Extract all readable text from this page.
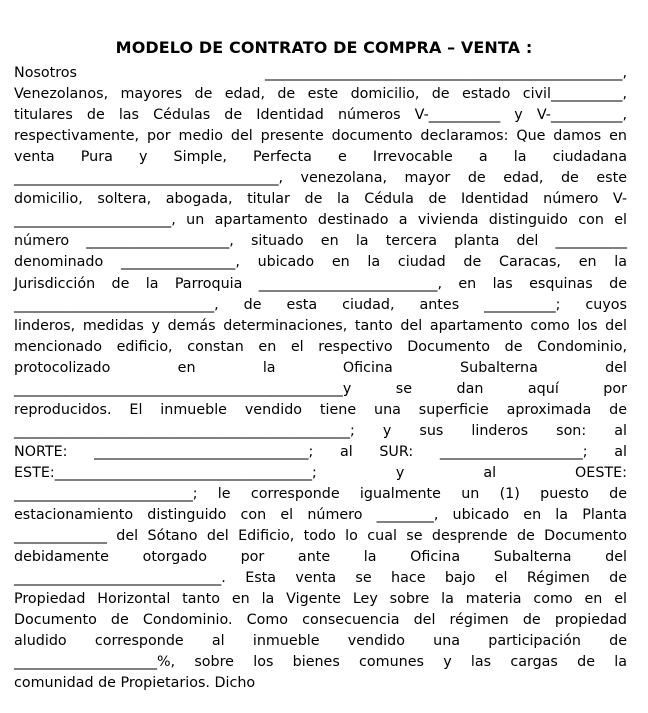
MODELO DE CONTRATO DE COMPRA – VENTA :
Nosotros __________________________________________________,
Venezolanos, mayores de edad, de este domicilio, de estado civil__________,
titulares de las Cédulas de Identidad números V-__________ y V-__________,
respectivamente, por medio del presente documento declaramos: Que damos en
venta Pura y Simple, Perfecta e Irrevocable a la ciudadana
_____________________________________, venezolana, mayor de edad, de este
domicilio, soltera, abogada, titular de la Cédula de Identidad número V-
______________________, un apartamento destinado a vivienda distinguido con el
número ____________________, situado en la tercera planta del __________
denominado ________________, ubicado en la ciudad de Caracas, en la
Jurisdicción de la Parroquia _________________________, en las esquinas de
____________________________, de esta ciudad, antes __________; cuyos
linderos, medidas y demás determinaciones, tanto del apartamento como los del
mencionado edificio, constan en el respectivo Documento de Condominio,
protocolizado en la Oficina Subalterna del
______________________________________________y se dan aquí por
reproducidos. El inmueble vendido tiene una superficie aproximada de
_______________________________________________; y sus linderos son: al
NORTE: ______________________________; al SUR: ____________________; al
ESTE:____________________________________; y al OESTE:
_________________________; le corresponde igualmente un (1) puesto de
estacionamiento distinguido con el número ________, ubicado en la Planta
_____________ del Sótano del Edificio, todo lo cual se desprende de Documento
debidamente otorgado por ante la Oficina Subalterna del
_____________________________. Esta venta se hace bajo el Régimen de
Propiedad Horizontal tanto en la Vigente Ley sobre la materia como en el
Documento de Condominio. Como consecuencia del régimen de propiedad
aludido corresponde al inmueble vendido una participación de
____________________%, sobre los bienes comunes y las cargas de la
comunidad de Propietarios. Dicho
